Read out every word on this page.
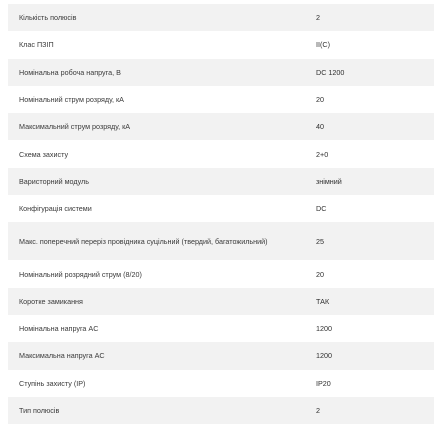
Кількість полюсів	2
Клас ПЗІП	II(C)
Номінальна робоча напруга, В	DC 1200
Номінальний струм розряду, кА	20
Максимальний струм розряду, кА	40
Схема захисту	2+0
Варисторний модуль	знімний
Конфігурація системи	DC
Макс. поперечний переріз провідника суцільний (твердий, багатожильний)	25
Номінальний розрядний струм (8/20)	20
Коротке замикання	ТАК
Номінальна напруга AC	1200
Максимальна напруга AC	1200
Ступінь захисту (IP)	IP20
Тип полюсів	2
